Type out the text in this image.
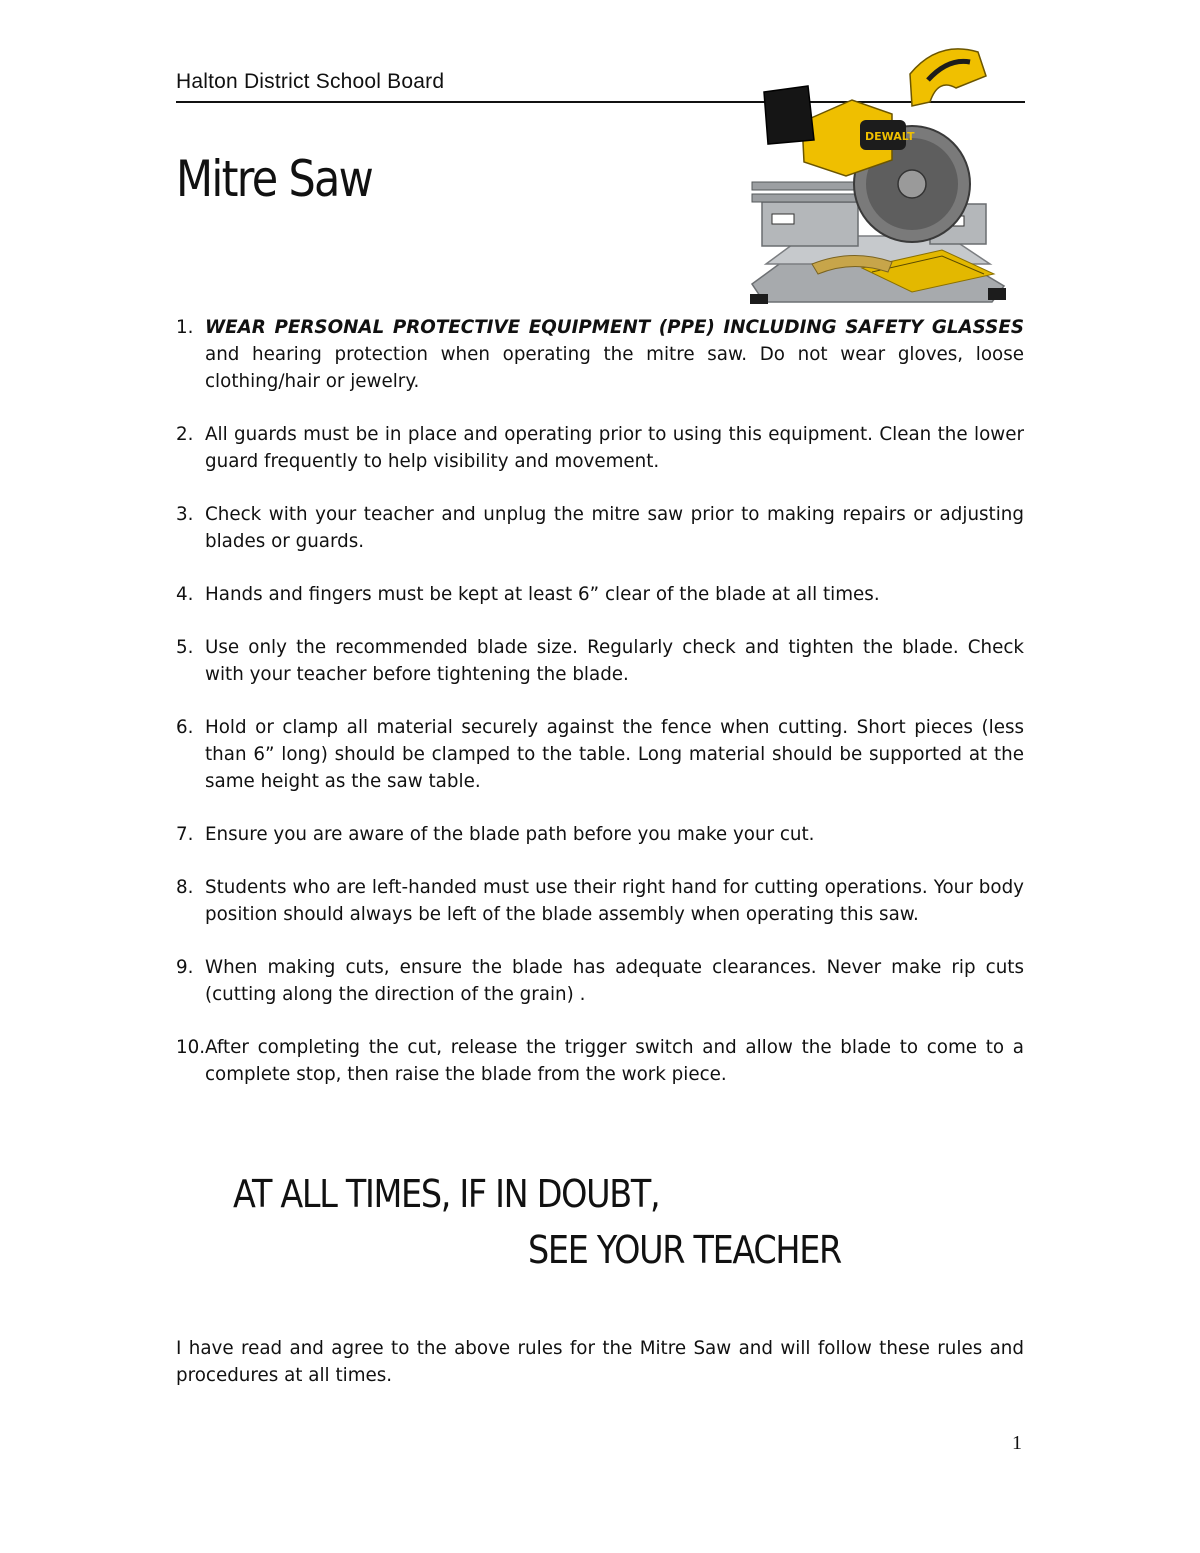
Halton District School Board
Mitre Saw
DEWALT
1. WEAR PERSONAL PROTECTIVE EQUIPMENT (PPE) INCLUDING SAFETY GLASSES and hearing protection when operating the mitre saw. Do not wear gloves, loose clothing/hair or jewelry.
2. All guards must be in place and operating prior to using this equipment. Clean the lower guard frequently to help visibility and movement.
3. Check with your teacher and unplug the mitre saw prior to making repairs or adjusting blades or guards.
4. Hands and fingers must be kept at least 6” clear of the blade at all times.
5. Use only the recommended blade size. Regularly check and tighten the blade. Check with your teacher before tightening the blade.
6. Hold or clamp all material securely against the fence when cutting. Short pieces (less than 6” long) should be clamped to the table. Long material should be supported at the same height as the saw table.
7. Ensure you are aware of the blade path before you make your cut.
8. Students who are left-handed must use their right hand for cutting operations. Your body position should always be left of the blade assembly when operating this saw.
9. When making cuts, ensure the blade has adequate clearances. Never make rip cuts (cutting along the direction of the grain) .
10. After completing the cut, release the trigger switch and allow the blade to come to a complete stop, then raise the blade from the work piece.
AT ALL TIMES, IF IN DOUBT,
SEE YOUR TEACHER
I have read and agree to the above rules for the Mitre Saw and will follow these rules and procedures at all times.
1
